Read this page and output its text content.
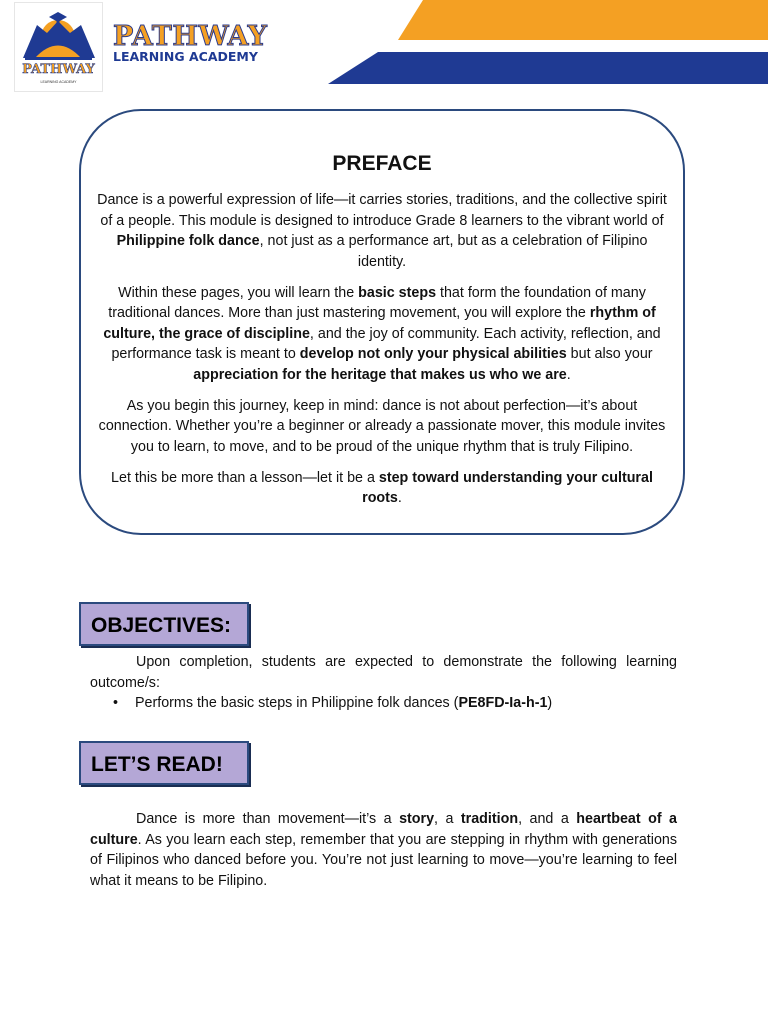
PATHWAY
LEARNING ACADEMY
PATHWAY
LEARNING ACADEMY
PREFACE

Dance is a powerful expression of life—it carries stories, traditions, and the collective spirit of a people. This module is designed to introduce Grade 8 learners to the vibrant world of Philippine folk dance, not just as a performance art, but as a celebration of Filipino identity.

Within these pages, you will learn the basic steps that form the foundation of many traditional dances. More than just mastering movement, you will explore the rhythm of culture, the grace of discipline, and the joy of community. Each activity, reflection, and performance task is meant to develop not only your physical abilities but also your appreciation for the heritage that makes us who we are.

As you begin this journey, keep in mind: dance is not about perfection—it’s about connection. Whether you’re a beginner or already a passionate mover, this module invites you to learn, to move, and to be proud of the unique rhythm that is truly Filipino.

Let this be more than a lesson—let it be a step toward understanding your cultural roots.

OBJECTIVES:
Upon completion, students are expected to demonstrate the following learning outcome/s:
• Performs the basic steps in Philippine folk dances (PE8FD-Ia-h-1)
LET’S READ!
Dance is more than movement—it’s a story, a tradition, and a heartbeat of a culture. As you learn each step, remember that you are stepping in rhythm with generations of Filipinos who danced before you. You’re not just learning to move—you’re learning to feel what it means to be Filipino.
